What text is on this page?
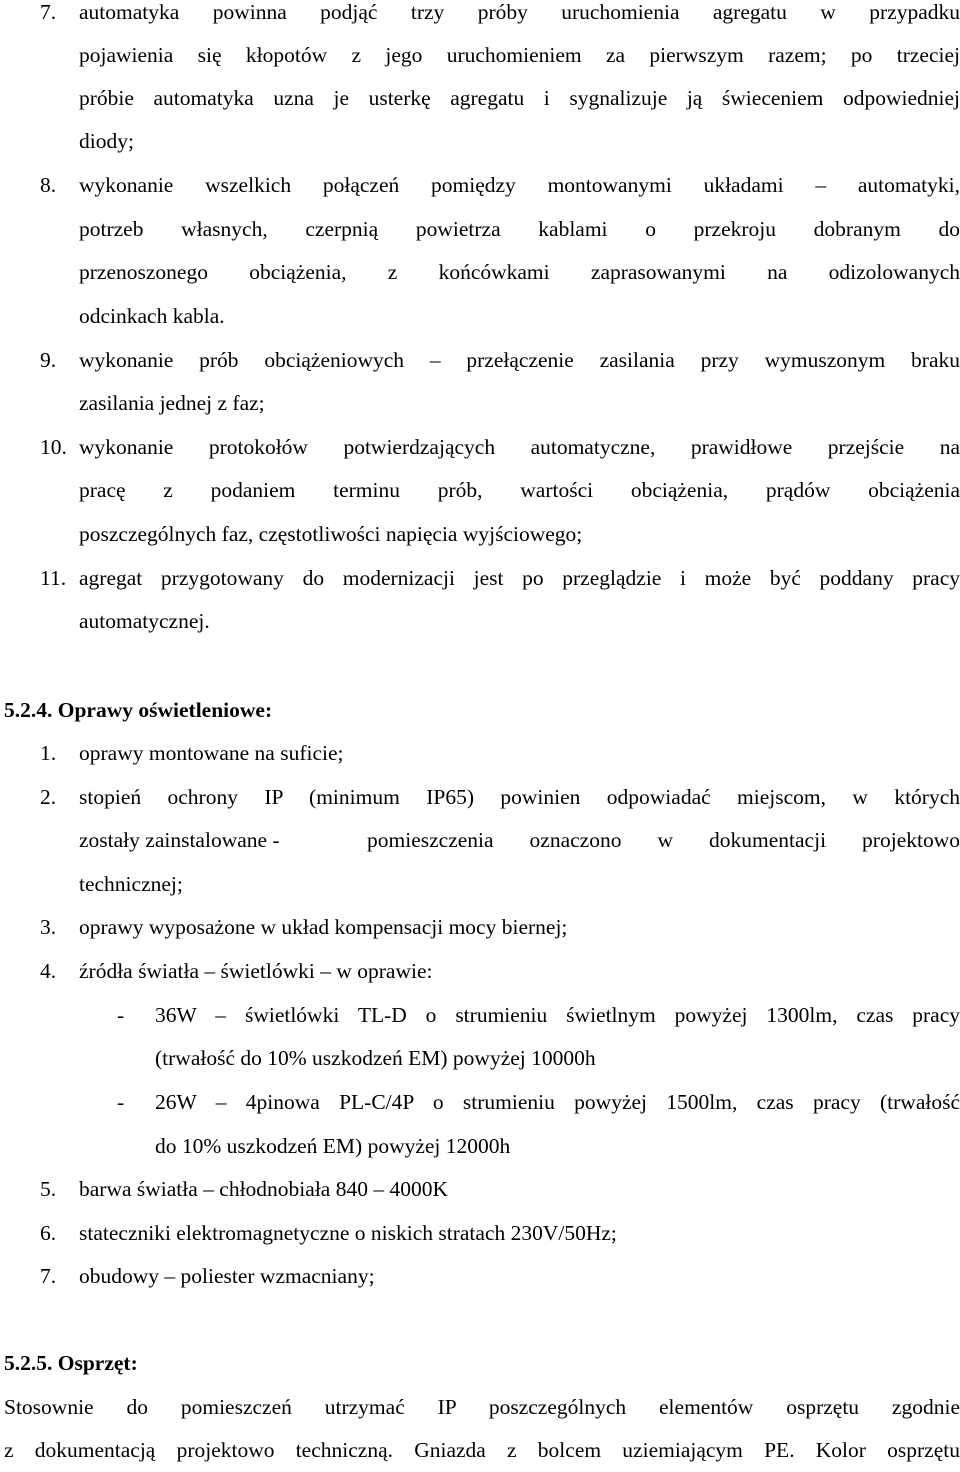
7. automatyka powinna podjąć trzy próby uruchomienia agregatu w przypadku
pojawienia się kłopotów z jego uruchomieniem za pierwszym razem; po trzeciej
próbie automatyka uzna je usterkę agregatu i sygnalizuje ją świeceniem odpowiedniej
diody;
8. wykonanie wszelkich połączeń pomiędzy montowanymi układami – automatyki,
potrzeb własnych, czerpnią powietrza kablami o przekroju dobranym do
przenoszonego obciążenia, z końcówkami zaprasowanymi na odizolowanych
odcinkach kabla.
9. wykonanie prób obciążeniowych – przełączenie zasilania przy wymuszonym braku
zasilania jednej z faz;
10. wykonanie protokołów potwierdzających automatyczne, prawidłowe przejście na
pracę z podaniem terminu prób, wartości obciążenia, prądów obciążenia
poszczególnych faz, częstotliwości napięcia wyjściowego;
11. agregat przygotowany do modernizacji jest po przeglądzie i może być poddany pracy
automatycznej.
5.2.4. Oprawy oświetleniowe:
1. oprawy montowane na suficie;
2. stopień ochrony IP (minimum IP65) powinien odpowiadać miejscom, w których
zostały zainstalowane -	pomieszczenia oznaczono w dokumentacji projektowo
technicznej;
3. oprawy wyposażone w układ kompensacji mocy biernej;
4. źródła światła – świetlówki – w oprawie:
- 36W – świetlówki TL-D o strumieniu świetlnym powyżej 1300lm, czas pracy
(trwałość do 10% uszkodzeń EM) powyżej 10000h
- 26W – 4pinowa PL-C/4P o strumieniu powyżej 1500lm, czas pracy (trwałość
do 10% uszkodzeń EM) powyżej 12000h
5. barwa światła – chłodnobiała 840 – 4000K
6. stateczniki elektromagnetyczne o niskich stratach 230V/50Hz;
7. obudowy – poliester wzmacniany;
5.2.5. Osprzęt:
Stosownie do pomieszczeń utrzymać IP poszczególnych elementów osprzętu zgodnie
z dokumentacją projektowo techniczną. Gniazda z bolcem uziemiającym PE. Kolor osprzętu
